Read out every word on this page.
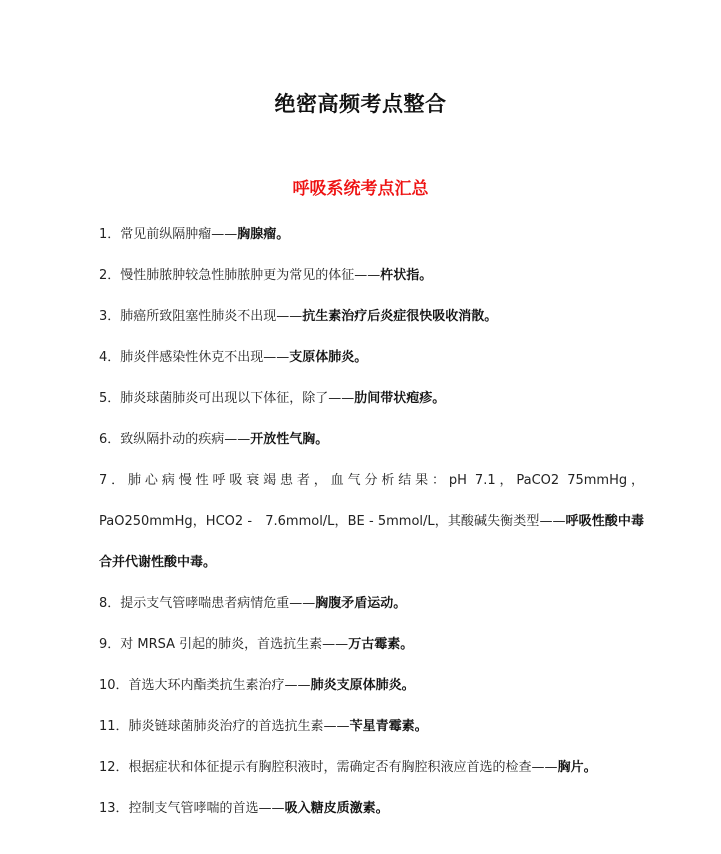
绝密高频考点整合
呼吸系统考点汇总
1．常见前纵隔肿瘤——胸腺瘤。
2．慢性肺脓肿较急性肺脓肿更为常见的体征——杵状指。
3．肺癌所致阻塞性肺炎不出现——抗生素治疗后炎症很快吸收消散。
4．肺炎伴感染性休克不出现——支原体肺炎。
5．肺炎球菌肺炎可出现以下体征，除了——肋间带状疱疹。
6．致纵隔扑动的疾病——开放性气胸。
7．肺心病慢性呼吸衰竭患者，血气分析结果：pH 7.1，PaCO2 75mmHg，PaO250mmHg，HCO2 -　7.6mmol/L，BE - 5mmol/L，其酸碱失衡类型——呼吸性酸中毒合并代谢性酸中毒。
8．提示支气管哮喘患者病情危重——胸腹矛盾运动。
9．对 MRSA 引起的肺炎，首选抗生素——万古霉素。
10．首选大环内酯类抗生素治疗——肺炎支原体肺炎。
11．肺炎链球菌肺炎治疗的首选抗生素——苄星青霉素。
12．根据症状和体征提示有胸腔积液时，需确定否有胸腔积液应首选的检查——胸片。
13．控制支气管哮喘的首选——吸入糖皮质激素。
